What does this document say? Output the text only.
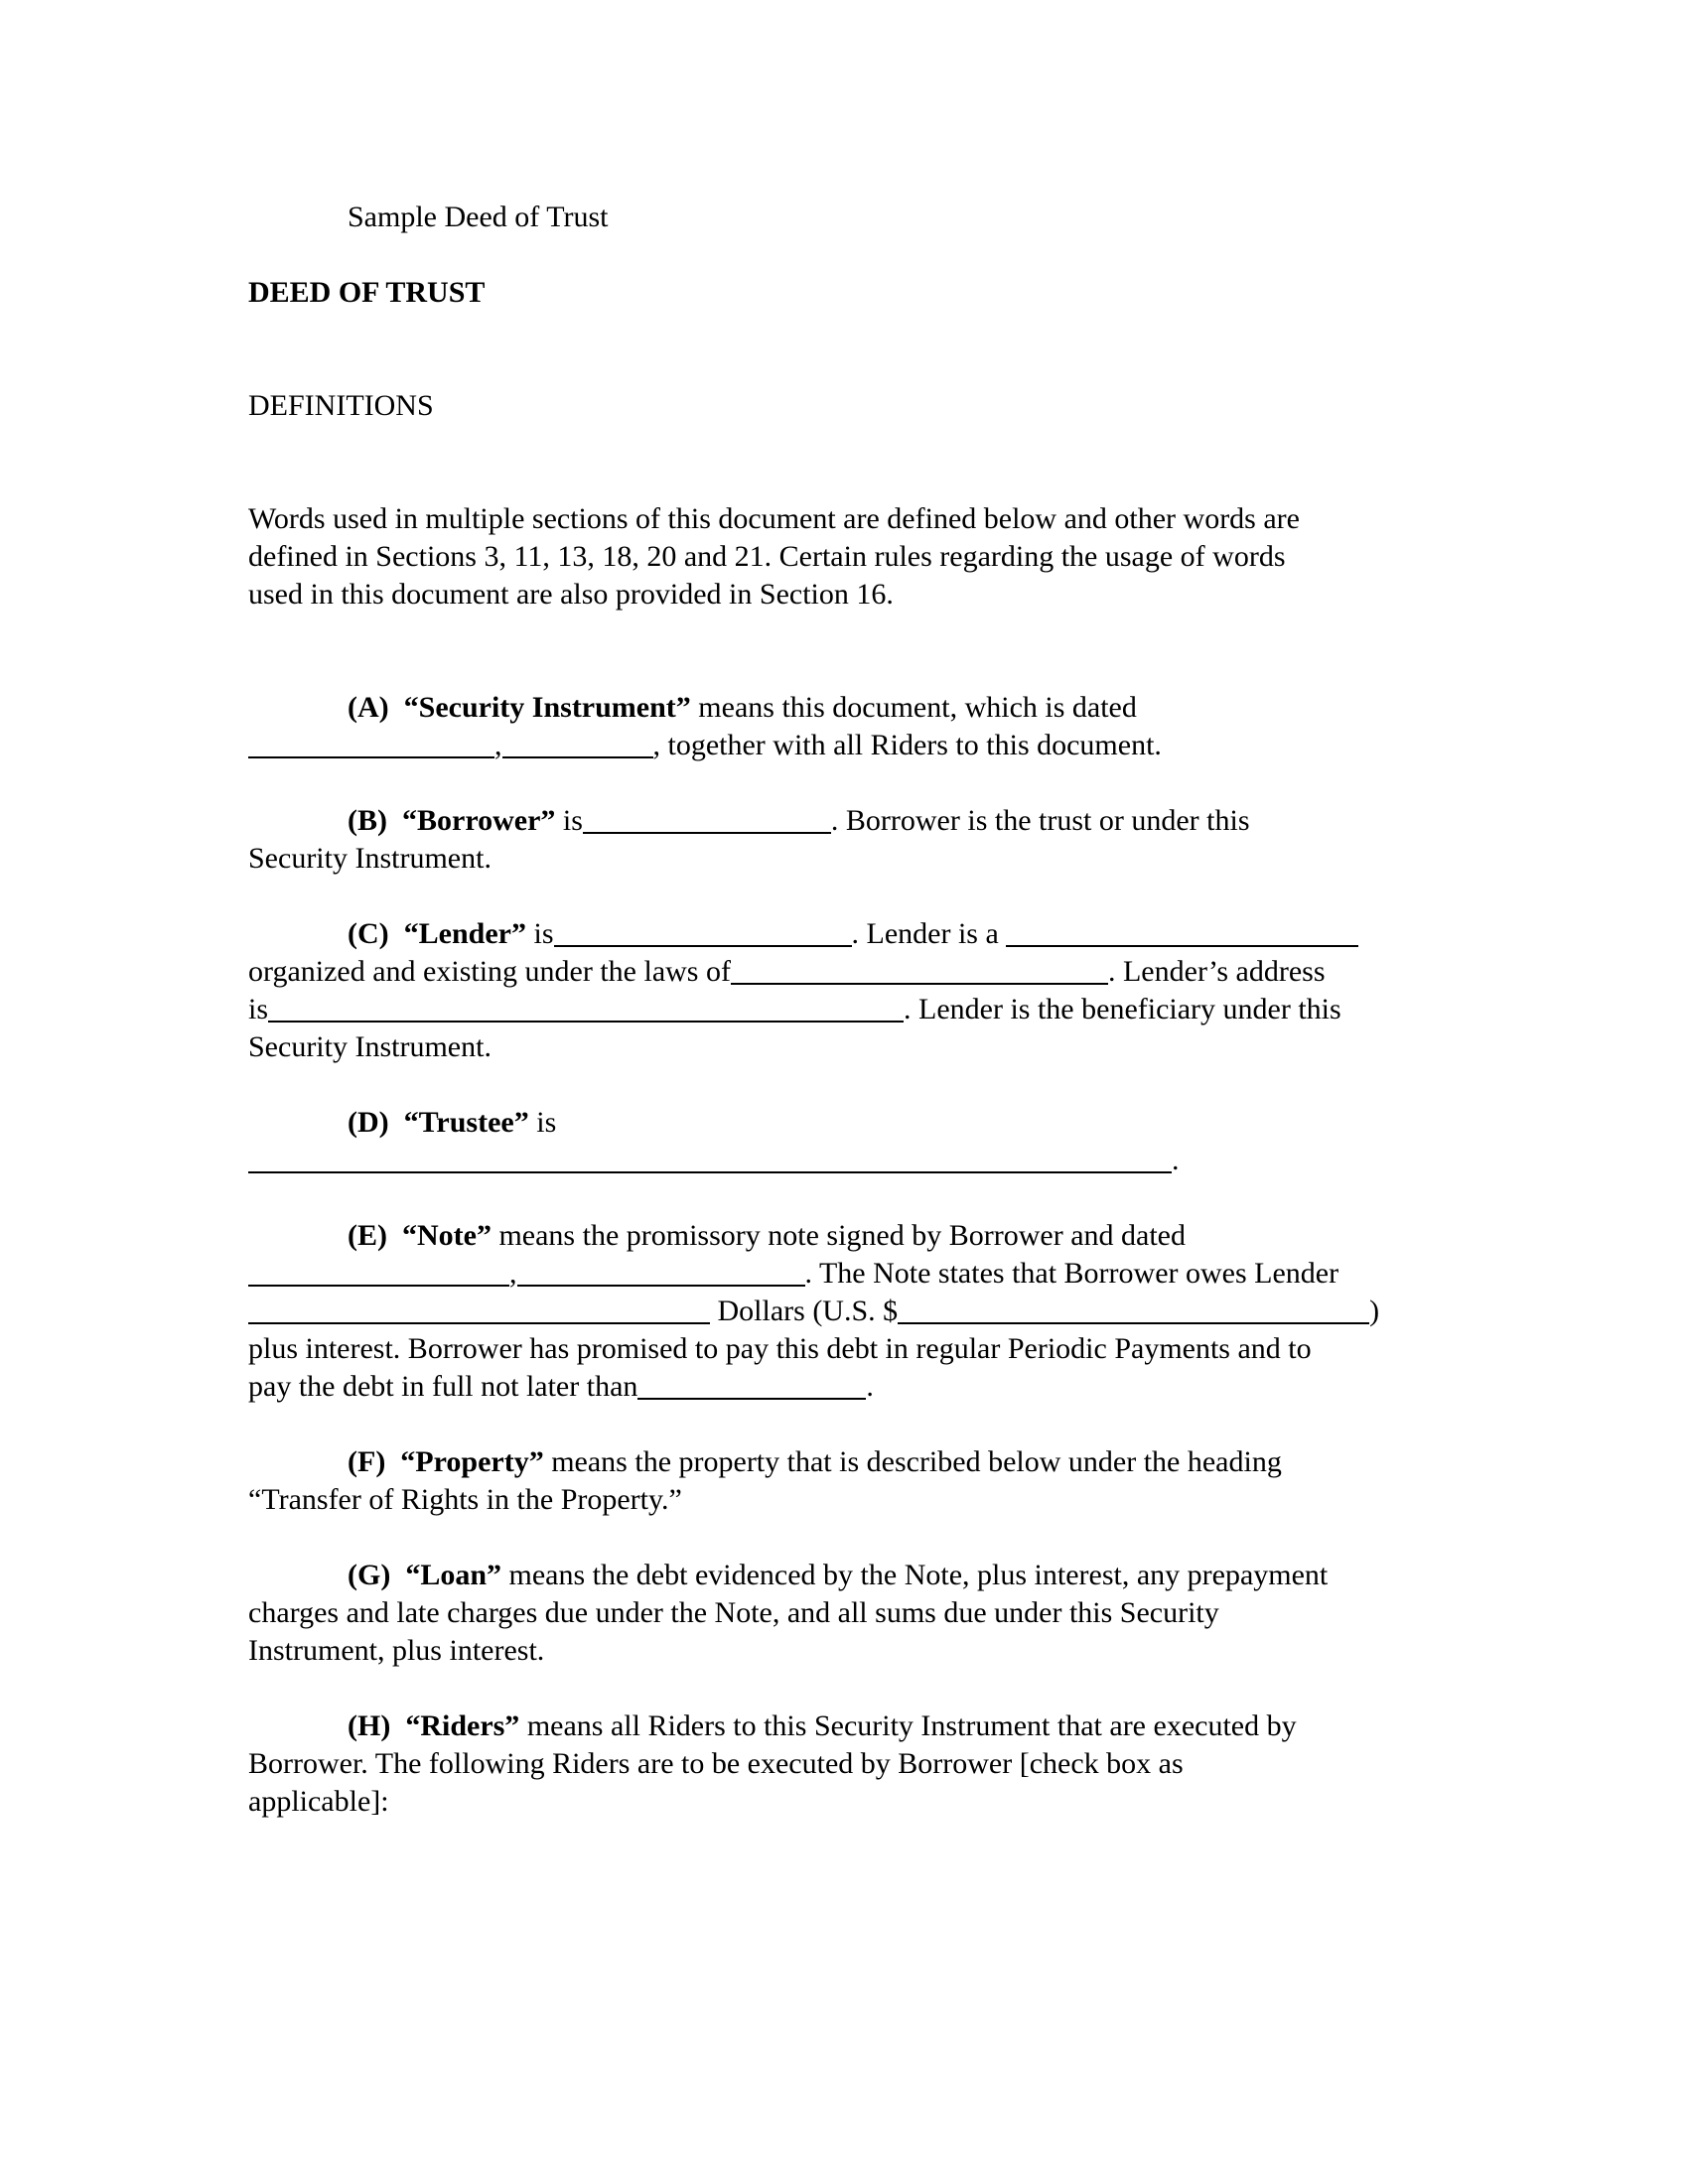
Sample Deed of Trust

DEED OF TRUST

DEFINITIONS

Words used in multiple sections of this document are defined below and other words are
defined in Sections 3, 11, 13, 18, 20 and 21. Certain rules regarding the usage of words
used in this document are also provided in Section 16.

(A)  “Security Instrument” means this document, which is dated
,	, together with all Riders to this document.

(B)  “Borrower” is	. Borrower is the trust or under this
Security Instrument.

(C)  “Lender” is	. Lender is a
organized and existing under the laws of	. Lender’s address
is	. Lender is the beneficiary under this
Security Instrument.

(D)  “Trustee” is
.

(E)  “Note” means the promissory note signed by Borrower and dated
,	. The Note states that Borrower owes Lender
Dollars (U.S. $	)
plus interest. Borrower has promised to pay this debt in regular Periodic Payments and to
pay the debt in full not later than	.

(F)  “Property” means the property that is described below under the heading
“Transfer of Rights in the Property.”

(G)  “Loan” means the debt evidenced by the Note, plus interest, any prepayment
charges and late charges due under the Note, and all sums due under this Security
Instrument, plus interest.

(H)  “Riders” means all Riders to this Security Instrument that are executed by
Borrower. The following Riders are to be executed by Borrower [check box as
applicable]:
